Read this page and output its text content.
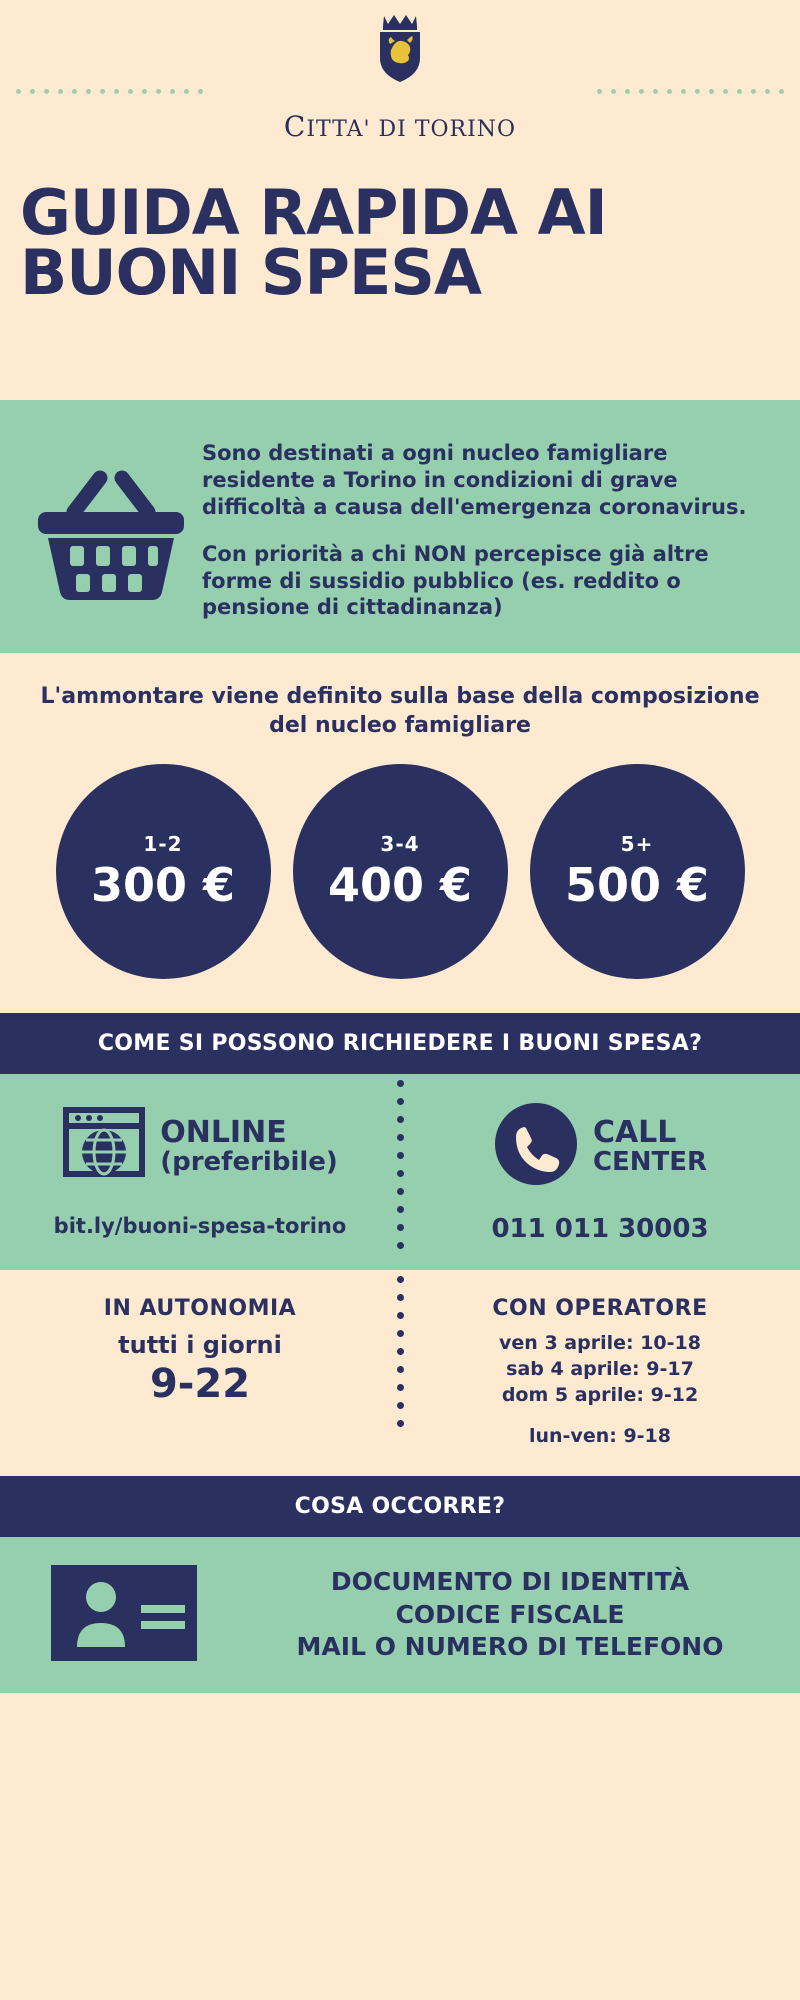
CITTA' DI TORINO
GUIDA RAPIDA AI
BUONI SPESA

Sono destinati a ogni nucleo famigliare residente a Torino in condizioni di grave difficoltà a causa dell'emergenza coronavirus.

Con priorità a chi NON percepisce già altre forme di sussidio pubblico (es. reddito o pensione di cittadinanza)

L'ammontare viene definito sulla base della composizione del nucleo famigliare
1-2
300 €
3-4
400 €
5+
500 €
COME SI POSSONO RICHIEDERE I BUONI SPESA?
ONLINE
(preferibile)
bit.ly/buoni-spesa-torino
CALL
CENTER
011 011 30003
IN AUTONOMIA
tutti i giorni
9-22
CON OPERATORE
ven 3 aprile: 10-18
sab 4 aprile: 9-17
dom 5 aprile: 9-12
lun-ven: 9-18
COSA OCCORRE?
DOCUMENTO DI IDENTITÀ
CODICE FISCALE
MAIL O NUMERO DI TELEFONO
